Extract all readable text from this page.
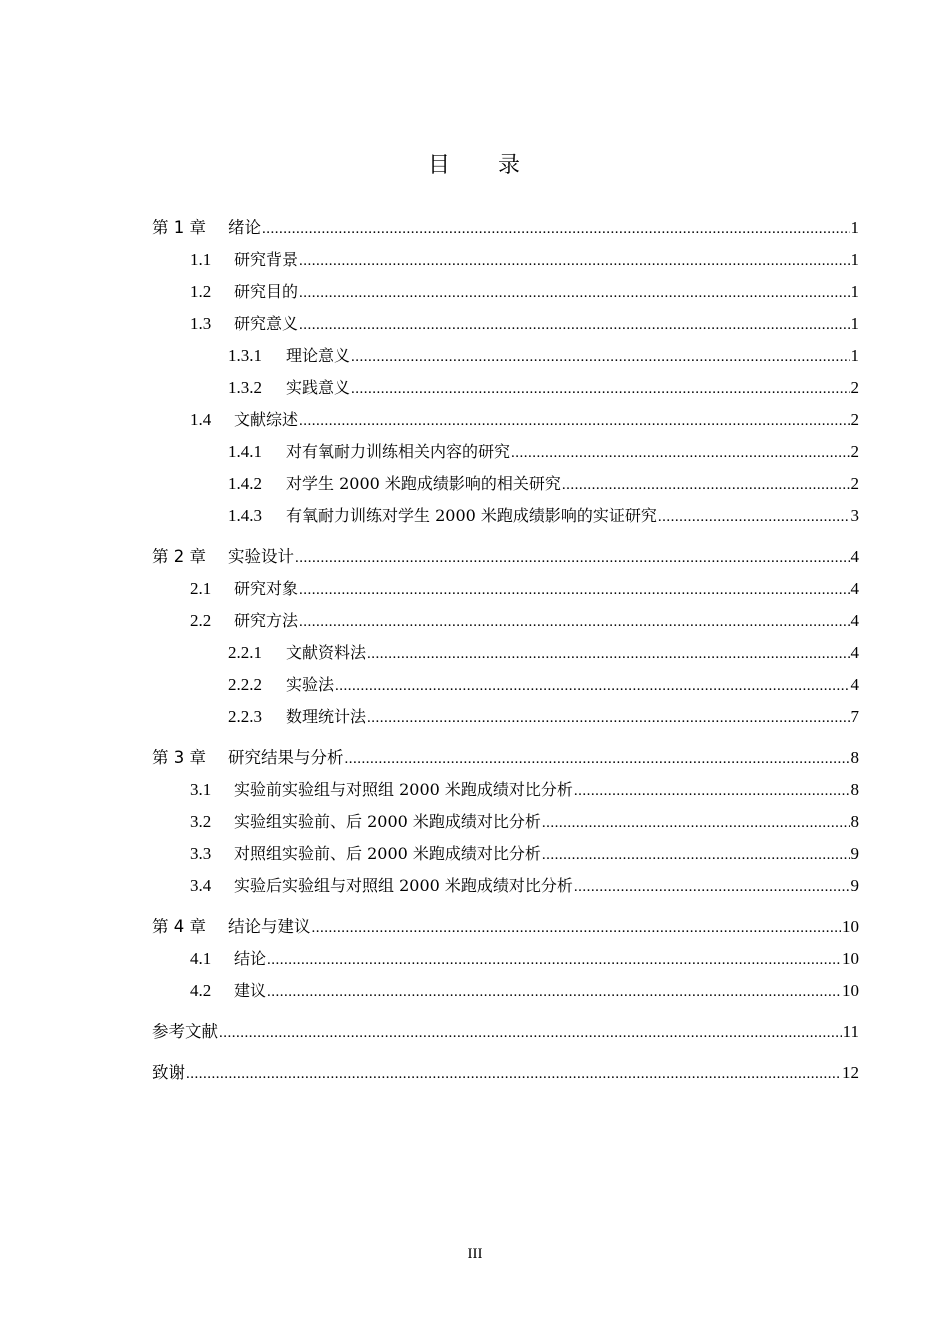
目 录
第 1 章	绪论 .....	1
1.1	研究背景 .....	1
1.2	研究目的 .....	1
1.3	研究意义 .....	1
1.3.1	理论意义 .....	1
1.3.2	实践意义 .....	2
1.4	文献综述 .....	2
1.4.1	对有氧耐力训练相关内容的研究 .....	2
1.4.2	对学生 2000 米跑成绩影响的相关研究 .....	2
1.4.3	有氧耐力训练对学生 2000 米跑成绩影响的实证研究 .....	3
第 2 章	实验设计 .....	4
2.1	研究对象 .....	4
2.2	研究方法 .....	4
2.2.1	文献资料法 .....	4
2.2.2	实验法 .....	4
2.2.3	数理统计法 .....	7
第 3 章	研究结果与分析 .....	8
3.1	实验前实验组与对照组 2000 米跑成绩对比分析 .....	8
3.2	实验组实验前、后 2000 米跑成绩对比分析 .....	8
3.3	对照组实验前、后 2000 米跑成绩对比分析 .....	9
3.4	实验后实验组与对照组 2000 米跑成绩对比分析 .....	9
第 4 章	结论与建议 .....	10
4.1	结论 .....	10
4.2	建议 .....	10
参考文献 .....	11
致谢 .....	12
III
